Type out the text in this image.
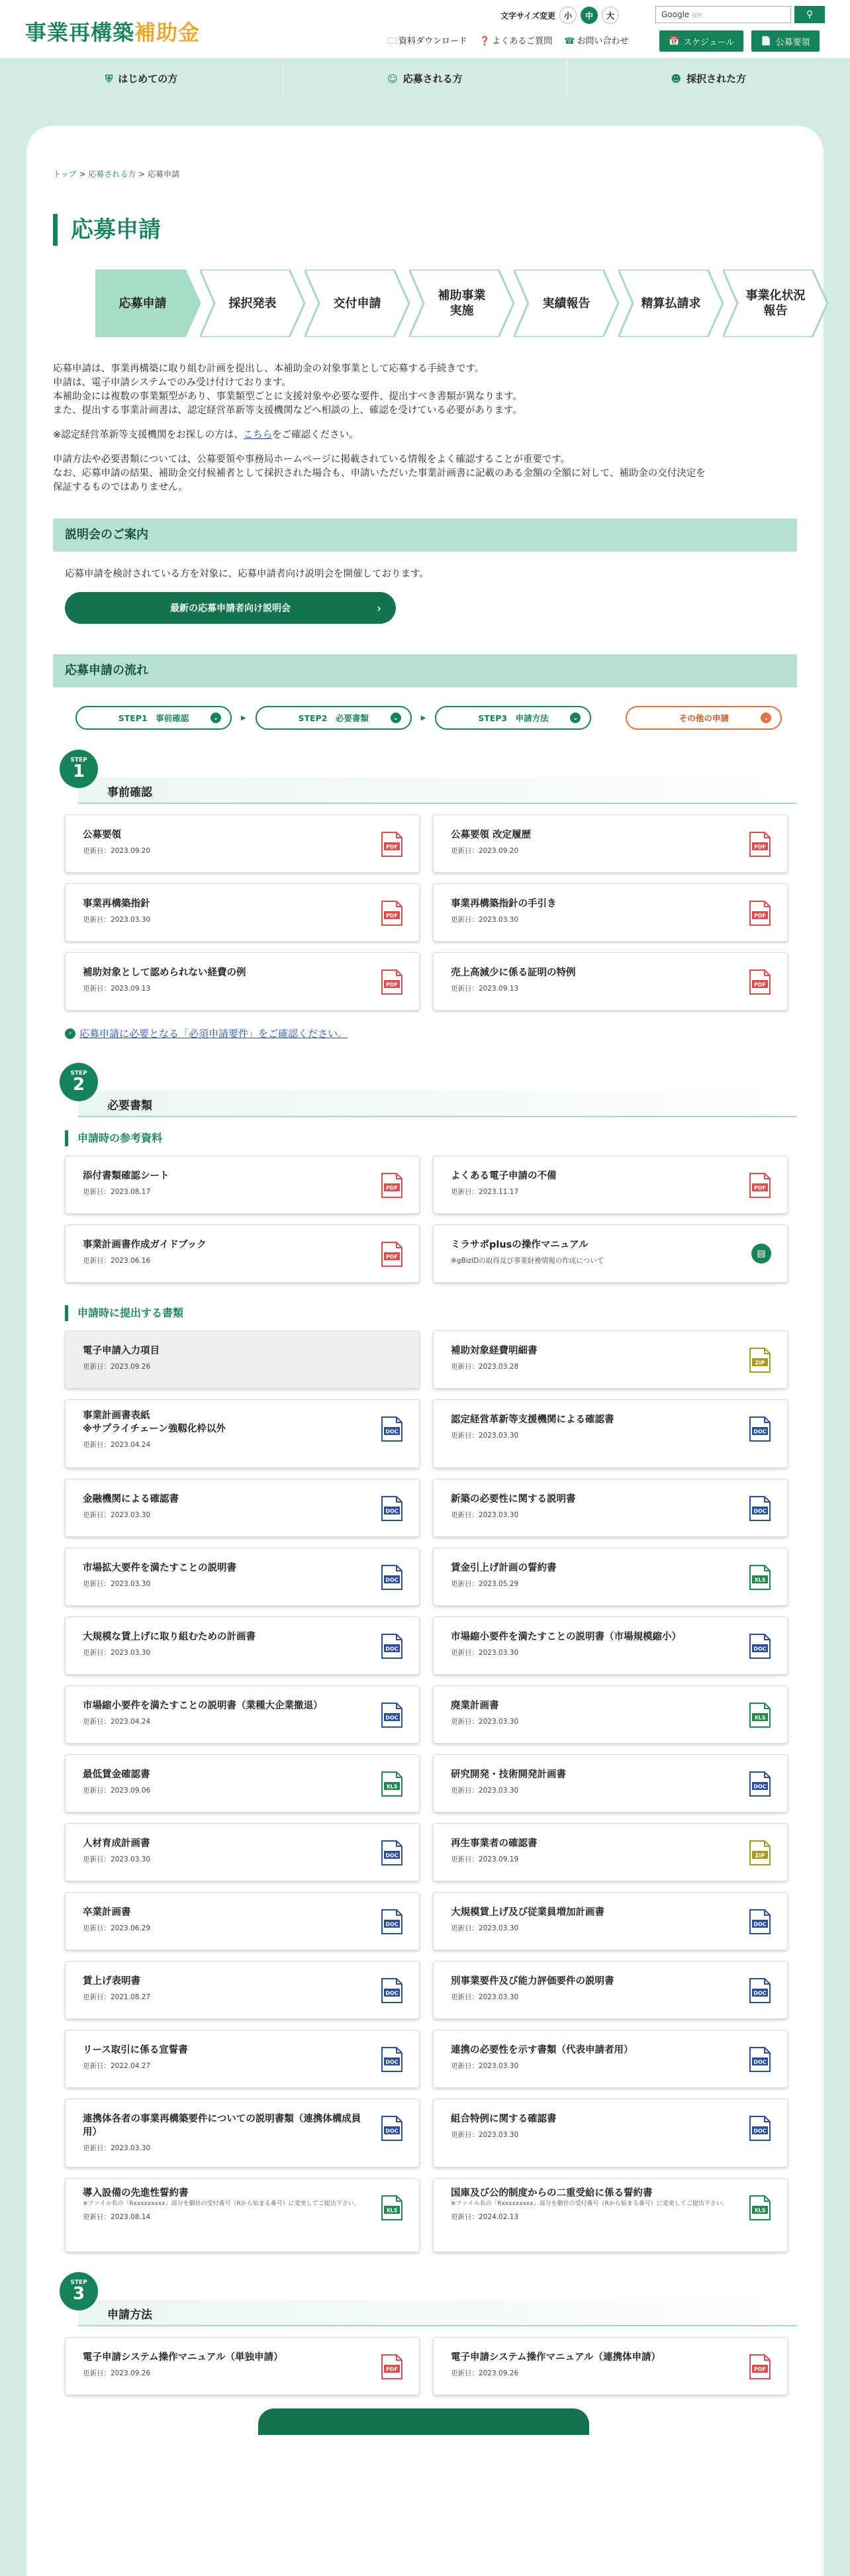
事業再構築補助金
文字サイズ変更	小	中	大	Google 提供	⚲
🗀 資料ダウンロード ❓ よくあるご質問 ☎ お問い合わせ	📅 スケジュール	📄 公募要領
⛨ はじめての方	☺ 応募される方	☻ 採択された方
トップ > 応募される方 > 応募申請
応募申請
応募申請	採択発表	交付申請
補助事業
実施
実績報告	精算払請求
事業化状況
報告

応募申請は、事業再構築に取り組む計画を提出し、本補助金の対象事業として応募する手続きです。

申請は、電子申請システムでのみ受け付けております。

本補助金には複数の事業類型があり、事業類型ごとに支援対象や必要な要件、提出すべき書類が異なります。

また、提出する事業計画書は、認定経営革新等支援機関などへ相談の上、確認を受けている必要があります。

※認定経営革新等支援機関をお探しの方は、こちらをご確認ください。

申請方法や必要書類については、公募要領や事務局ホームページに掲載されている情報をよく確認することが重要です。

なお、応募申請の結果、補助金交付候補者として採択された場合も、申請いただいた事業計画書に記載のある金額の全額に対して、補助金の交付決定を

保証するものではありません。

説明会のご案内

応募申請を検討されている方を対象に、応募申請者向け説明会を開催しております。

最新の応募申請者向け説明会	›
応募申請の流れ
STEP1　事前確認	⌄	▶	STEP2　必要書類	⌄	▶	STEP3　申請方法	⌄	その他の申請	⌄
事前確認
STEP
1
公募要領
更新日：2023.09.20	PDF
公募要領 改定履歴
更新日：2023.09.20	PDF
事業再構築指針
更新日：2023.03.30	PDF
事業再構築指針の手引き
更新日：2023.03.30	PDF
補助対象として認められない経費の例
更新日：2023.09.13	PDF
売上高減少に係る証明の特例
更新日：2023.09.13	PDF
› 応募申請に必要となる「必須申請要件」をご確認ください。
必要書類
STEP
2
申請時の参考資料
添付書類確認シート
更新日：2023.08.17	PDF
よくある電子申請の不備
更新日：2023.11.17	PDF
事業計画書作成ガイドブック
更新日：2023.06.16	PDF
ミラサポplusの操作マニュアル
※gBizIDの取得及び事業財務情報の作成について
▤
申請時に提出する書類
電子申請入力項目
更新日：2023.09.26
補助対象経費明細書
更新日：2023.03.28	ZIP
事業計画書表紙
※サプライチェーン強靱化枠以外
更新日：2023.04.24
DOC
認定経営革新等支援機関による確認書
更新日：2023.03.30	DOC
金融機関による確認書
更新日：2023.03.30	DOC
新築の必要性に関する説明書
更新日：2023.03.30	DOC
市場拡大要件を満たすことの説明書
更新日：2023.03.30	DOC
賃金引上げ計画の誓約書
更新日：2023.05.29	XLS
大規模な賃上げに取り組むための計画書
更新日：2023.03.30	DOC
市場縮小要件を満たすことの説明書（市場規模縮小）
更新日：2023.03.30	DOC
市場縮小要件を満たすことの説明書（業種大企業撤退）
更新日：2023.04.24	DOC
廃業計画書
更新日：2023.03.30	XLS
最低賃金確認書
更新日：2023.09.06	XLS
研究開発・技術開発計画書
更新日：2023.03.30	DOC
人材育成計画書
更新日：2023.03.30	DOC
再生事業者の確認書
更新日：2023.09.19	ZIP
卒業計画書
更新日：2023.06.29	DOC
大規模賃上げ及び従業員増加計画書
更新日：2023.03.30	DOC
賃上げ表明書
更新日：2021.08.27	DOC
別事業要件及び能力評価要件の説明書
更新日：2023.03.30	DOC
リース取引に係る宣誓書
更新日：2022.04.27	DOC
連携の必要性を示す書類（代表申請者用）
更新日：2023.03.30	DOC
連携体各者の事業再構築要件についての説明書類（連携体構成員用）
更新日：2023.03.30
DOC
組合特例に関する確認書
更新日：2023.03.30	DOC
導入設備の先進性誓約書
※ファイル名の「Rxxxxxxxxx」部分を御社の受付番号（Rから始まる番号）に変更してご提出下さい。
更新日：2023.08.14
XLS
国庫及び公的制度からの二重受給に係る誓約書
※ファイル名の「Rxxxxxxxxx」部分を御社の受付番号（Rから始まる番号）に変更してご提出下さい。
更新日：2024.02.13
XLS
申請方法
STEP
3
電子申請システム操作マニュアル（単独申請）
更新日：2023.09.26	PDF
電子申請システム操作マニュアル（連携体申請）
更新日：2023.09.26	PDF
